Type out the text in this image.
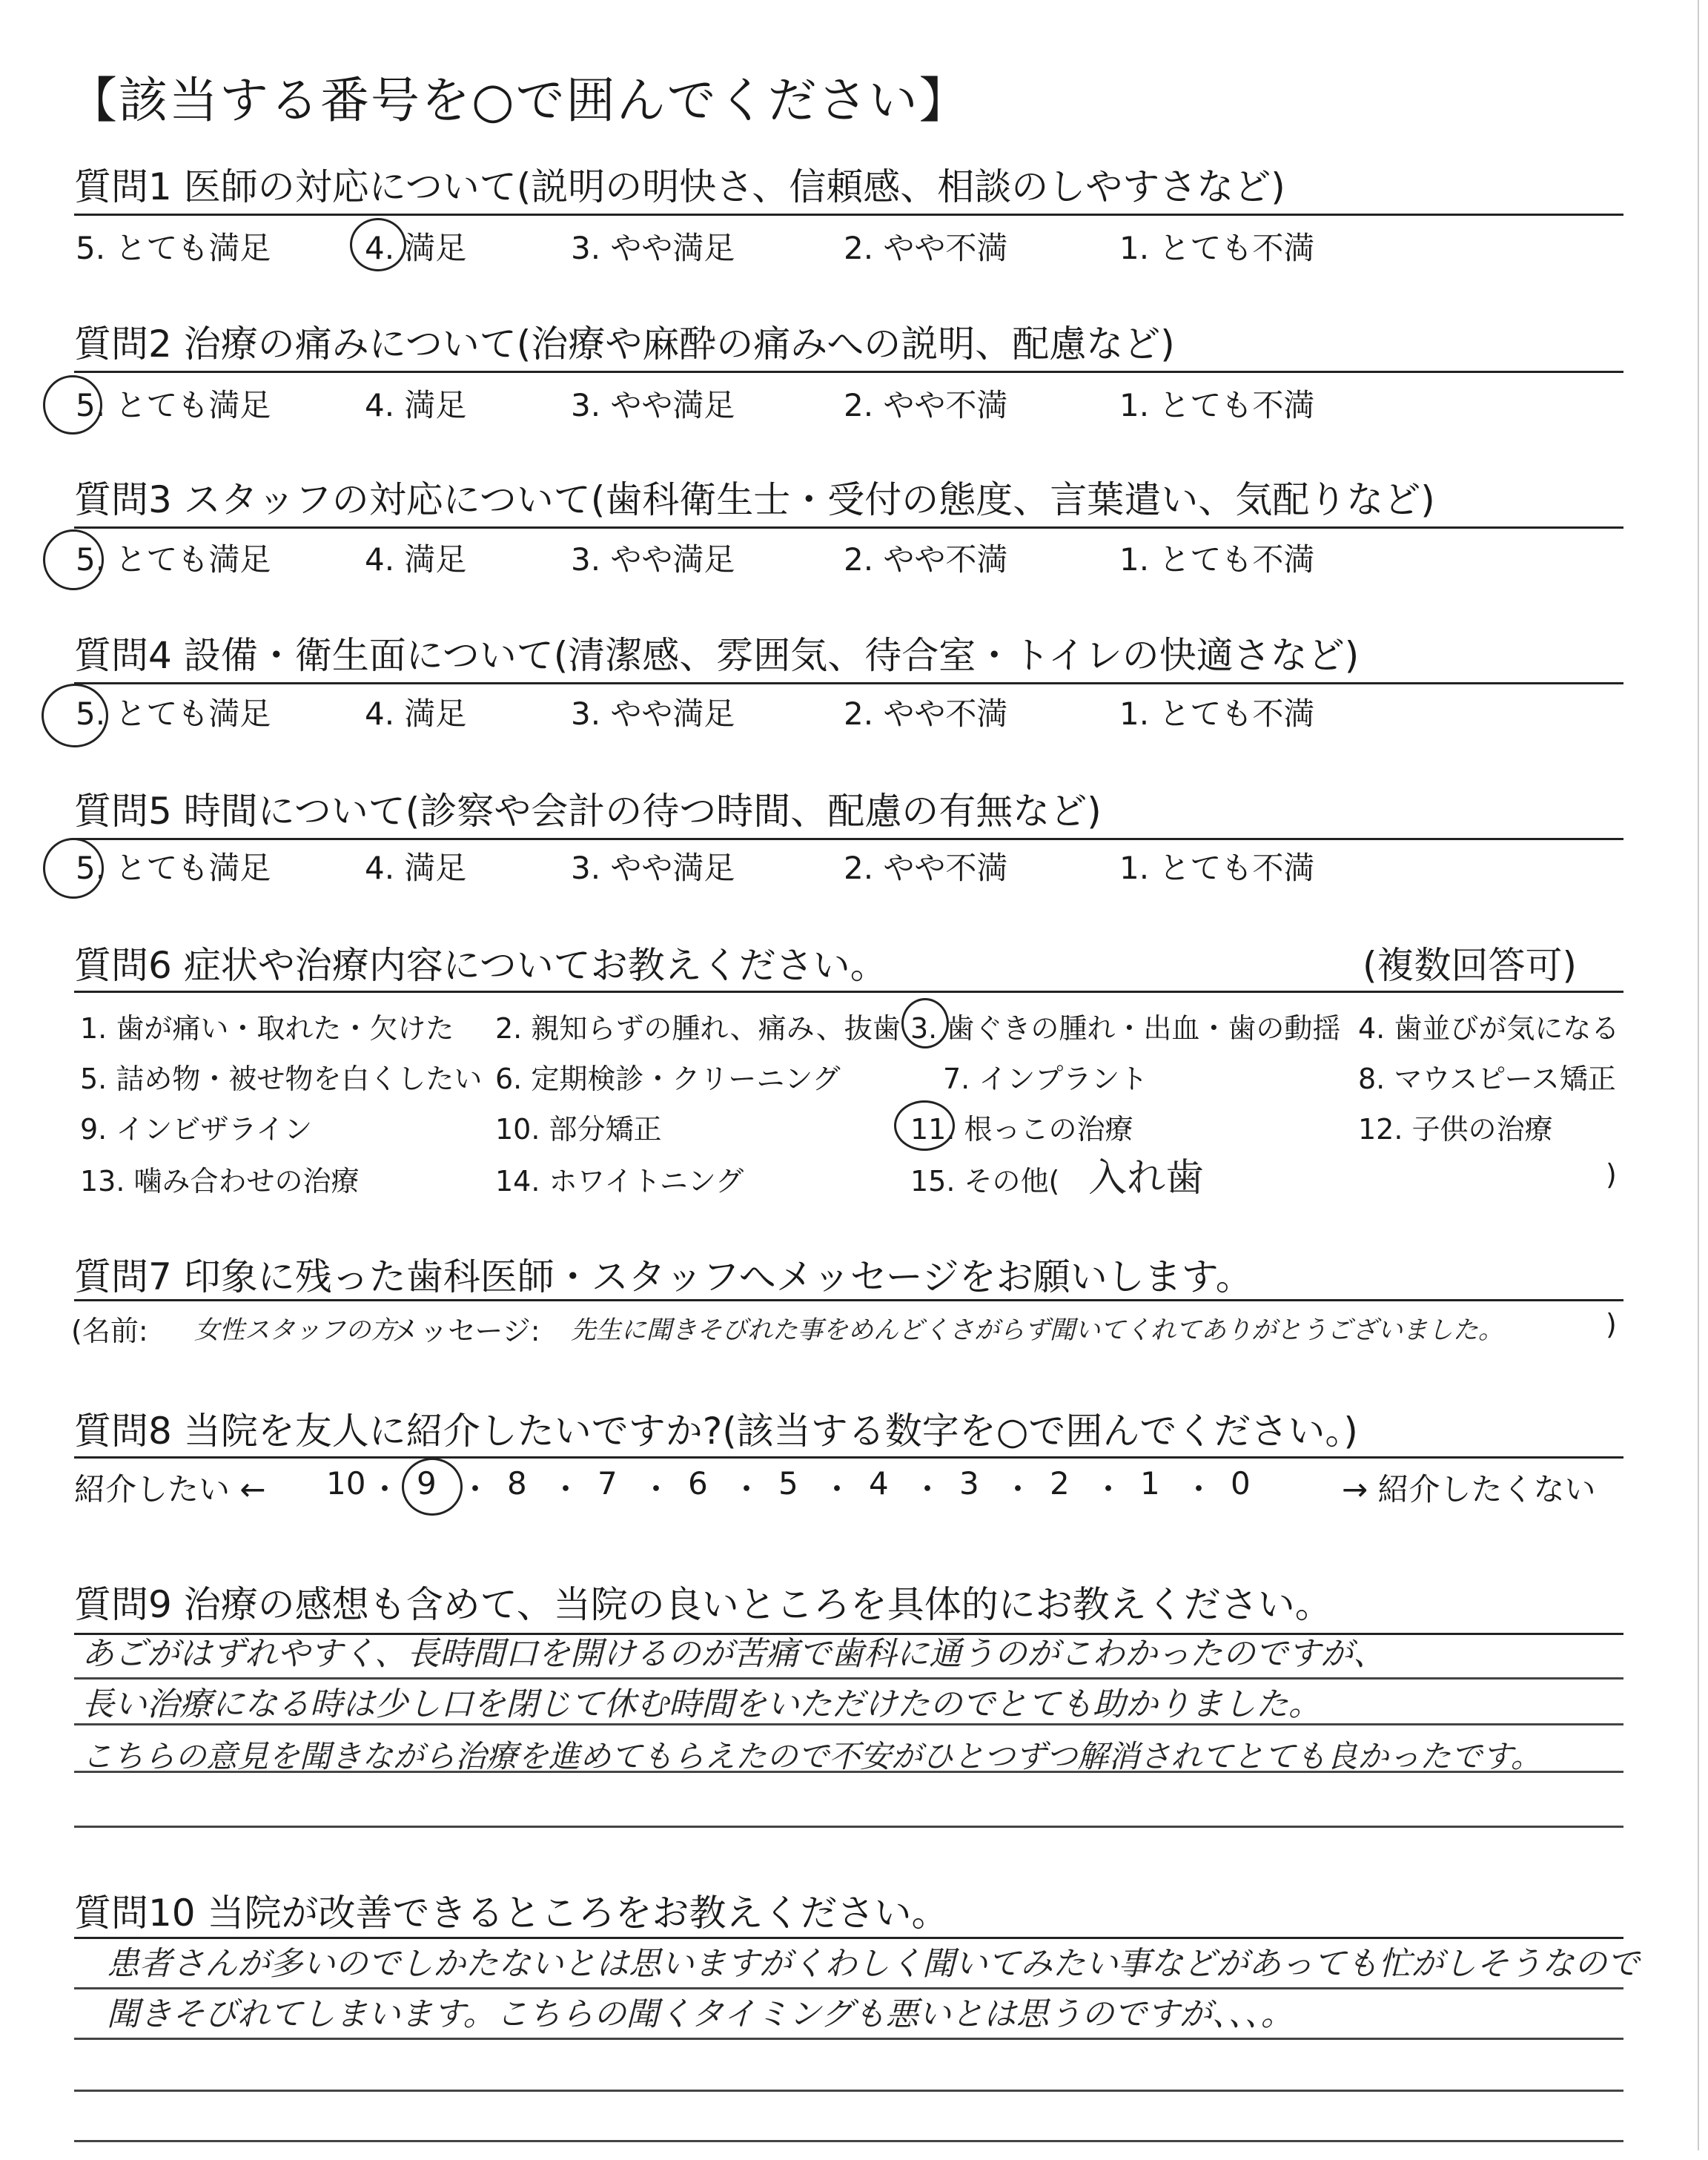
【該当する番号を○で囲んでください】
質問1 医師の対応について(説明の明快さ、信頼感、相談のしやすさなど)
5. とても満足	4. 満足	3. やや満足	2. やや不満	1. とても不満
質問2 治療の痛みについて(治療や麻酔の痛みへの説明、配慮など)
5. とても満足	4. 満足	3. やや満足	2. やや不満	1. とても不満
質問3 スタッフの対応について(歯科衛生士・受付の態度、言葉遣い、気配りなど)
5. とても満足	4. 満足	3. やや満足	2. やや不満	1. とても不満
質問4 設備・衛生面について(清潔感、雰囲気、待合室・トイレの快適さなど)
5. とても満足	4. 満足	3. やや満足	2. やや不満	1. とても不満
質問5 時間について(診察や会計の待つ時間、配慮の有無など)
5. とても満足	4. 満足	3. やや満足	2. やや不満	1. とても不満
質問6 症状や治療内容についてお教えください。	(複数回答可)
1. 歯が痛い・取れた・欠けた 2. 親知らずの腫れ、痛み、抜歯 3. 歯ぐきの腫れ・出血・歯の動揺 4. 歯並びが気になる
5. 詰め物・被せ物を白くしたい 6. 定期検診・クリーニング	7. インプラント	8. マウスピース矯正
9. インビザライン	10. 部分矯正	11. 根っこの治療	12. 子供の治療
13. 噛み合わせの治療	14. ホワイトニング	15. その他( 入れ歯	)
質問7 印象に残った歯科医師・スタッフへメッセージをお願いします。
(名前: 女性スタッフの方
メッセージ: 先生に聞きそびれた事をめんどくさがらず聞いてくれてありがとうございました。	)
質問8 当院を友人に紹介したいですか?(該当する数字を○で囲んでください。)
紹介したい ← 10 ・ 9 ・ 8 ・ 7 ・ 6 ・ 5 ・ 4 ・ 3 ・ 2 ・ 1 ・ 0	→ 紹介したくない
質問9 治療の感想も含めて、当院の良いところを具体的にお教えください。
あごがはずれやすく、長時間口を開けるのが苦痛で歯科に通うのがこわかったのですが、
長い治療になる時は少し口を閉じて休む時間をいただけたのでとても助かりました。
こちらの意見を聞きながら治療を進めてもらえたので不安がひとつずつ解消されてとても良かったです。
質問10 当院が改善できるところをお教えください。
患者さんが多いのでしかたないとは思いますがくわしく聞いてみたい事などがあっても忙がしそうなので
聞きそびれてしまいます。こちらの聞くタイミングも悪いとは思うのですが、、、。
